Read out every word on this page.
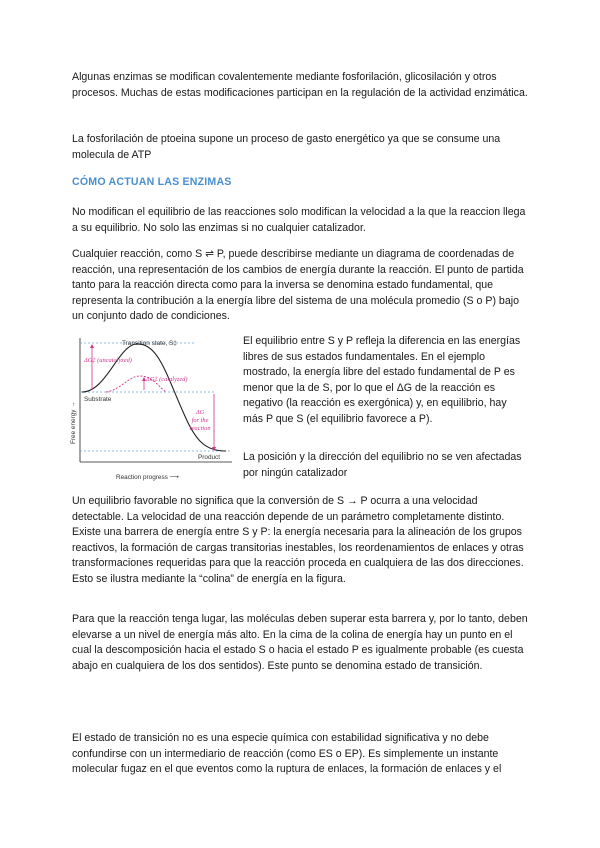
Algunas enzimas se modifican covalentemente mediante fosforilación, glicosilación y otros procesos. Muchas de estas modificaciones participan en la regulación de la actividad enzimática.

La fosforilación de ptoeina supone un proceso de gasto energético ya que se consume una molecula de ATP

CÓMO ACTUAN LAS ENZIMAS

No modifican el equilibrio de las reacciones solo modifican la velocidad a la que la reaccion llega a su equilibrio. No solo las enzimas si no cualquier catalizador.

Cualquier reacción, como S ⇌ P, puede describirse mediante un diagrama de coordenadas de reacción, una representación de los cambios de energía durante la reacción. El punto de partida tanto para la reacción directa como para la inversa se denomina estado fundamental, que representa la contribución a la energía libre del sistema de una molécula promedio (S o P) bajo un conjunto dado de condiciones.

Transition state, S‡
ΔG‡ (uncatalyzed)
ΔG‡ (catalyzed)
Substrate
Product
ΔG
for the
reaction
Free energy →
Reaction progress ⟶

El equilibrio entre S y P refleja la diferencia en las energías libres de sus estados fundamentales. En el ejemplo mostrado, la energía libre del estado fundamental de P es menor que la de S, por lo que el ΔG de la reacción es negativo (la reacción es exergónica) y, en equilibrio, hay más P que S (el equilibrio favorece a P).

La posición y la dirección del equilibrio no se ven afectadas por ningún catalizador

Un equilibrio favorable no significa que la conversión de S → P ocurra a una velocidad detectable. La velocidad de una reacción depende de un parámetro completamente distinto. Existe una barrera de energía entre S y P: la energía necesaria para la alineación de los grupos reactivos, la formación de cargas transitorias inestables, los reordenamientos de enlaces y otras transformaciones requeridas para que la reacción proceda en cualquiera de las dos direcciones. Esto se ilustra mediante la “colina” de energía en la figura.

Para que la reacción tenga lugar, las moléculas deben superar esta barrera y, por lo tanto, deben elevarse a un nivel de energía más alto. En la cima de la colina de energía hay un punto en el cual la descomposición hacia el estado S o hacia el estado P es igualmente probable (es cuesta abajo en cualquiera de los dos sentidos). Este punto se denomina estado de transición.

El estado de transición no es una especie química con estabilidad significativa y no debe confundirse con un intermediario de reacción (como ES o EP). Es simplemente un instante molecular fugaz en el que eventos como la ruptura de enlaces, la formación de enlaces y el
